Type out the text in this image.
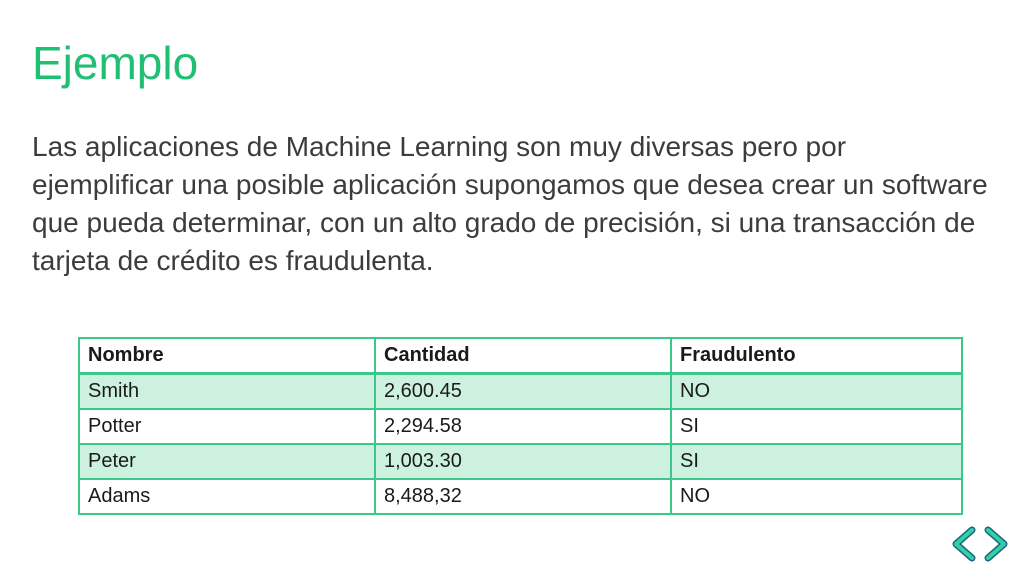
Ejemplo

Las aplicaciones de Machine Learning son muy diversas pero por ejemplificar una posible aplicación supongamos que desea crear un software que pueda determinar, con un alto grado de precisión, si una transacción de tarjeta de crédito es fraudulenta.

Nombre	Cantidad	Fraudulento
Smith	2,600.45	NO
Potter	2,294.58	SI
Peter	1,003.30	SI
Adams	8,488,32	NO
